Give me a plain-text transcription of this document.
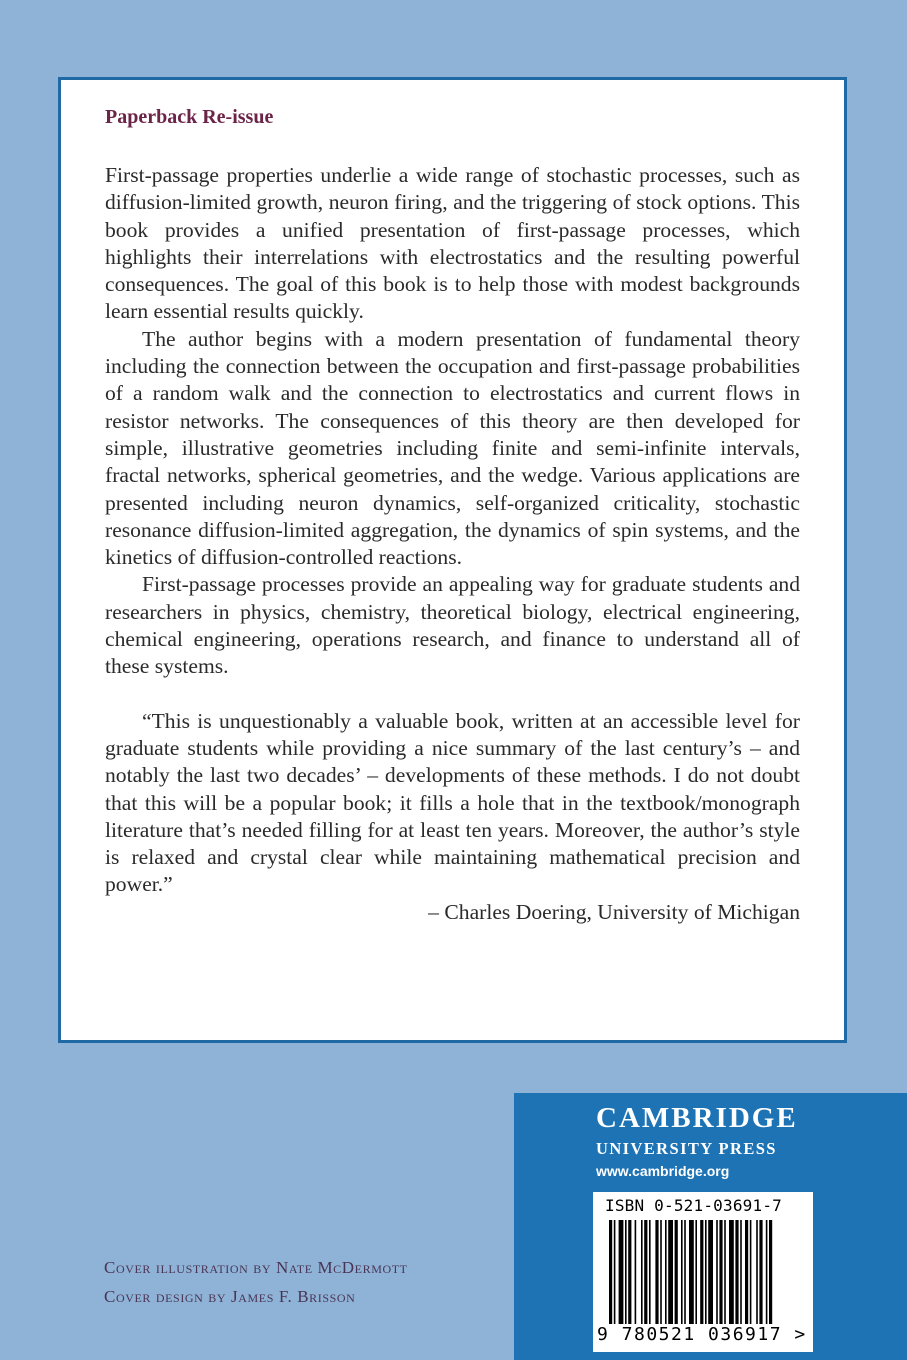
Paperback Re-issue

First-passage properties underlie a wide range of stochastic processes, such as diffusion-limited growth, neuron firing, and the triggering of stock options. This book provides a unified presentation of first-passage processes, which highlights their interrelations with electrostatics and the resulting powerful consequences. The goal of this book is to help those with modest backgrounds learn essential results quickly.

The author begins with a modern presentation of fundamental theory including the connection between the occupation and first-passage probabilities of a random walk and the connection to electrostatics and current flows in resistor networks. The consequences of this theory are then developed for simple, illustrative geometries including finite and semi-infinite intervals, fractal networks, spherical geometries, and the wedge. Various applications are presented including neuron dynamics, self-organized criticality, stochastic resonance diffusion-limited aggregation, the dynamics of spin systems, and the kinetics of diffusion-controlled reactions.

First-passage processes provide an appealing way for graduate students and researchers in physics, chemistry, theoretical biology, electrical engineering, chemical engineering, operations research, and finance to understand all of these systems.

“This is unquestionably a valuable book, written at an accessible level for graduate students while providing a nice summary of the last century’s – and notably the last two decades’ – developments of these methods. I do not doubt that this will be a popular book; it fills a hole that in the textbook/monograph literature that’s needed filling for at least ten years. Moreover, the author’s style is relaxed and crystal clear while maintaining mathematical precision and power.”

– Charles Doering, University of Michigan

Cover illustration by Nate McDermott
Cover design by James F. Brisson
CAMBRIDGE
UNIVERSITY PRESS
www.cambridge.org
ISBN 0-521-03691-7
9 780521 036917 >
